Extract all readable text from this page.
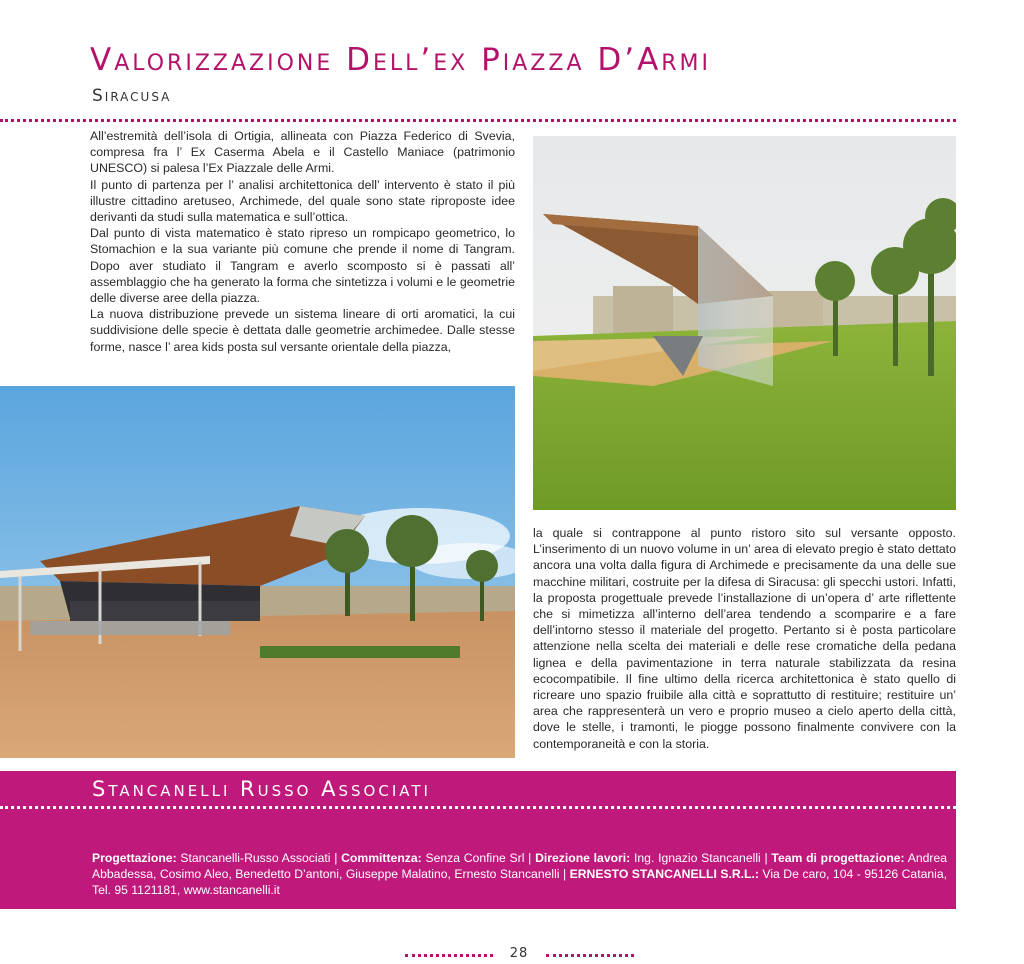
Valorizzazione Dell’ex Piazza D’Armi
Siracusa

All’estremità dell’isola di Ortigia, allineata con Piazza Federico di Svevia, compresa fra l’ Ex Caserma Abela e il Castello Maniace (patrimonio UNESCO) si palesa l’Ex Piazzale delle Armi.

Il punto di partenza per l’ analisi architettonica dell’ intervento è stato il più illustre cittadino aretuseo, Archimede, del quale sono state riproposte idee derivanti da studi sulla matematica e sull’ottica.

Dal punto di vista matematico è stato ripreso un rompicapo geometrico, lo Stomachion e la sua variante più comune che prende il nome di Tangram. Dopo aver studiato il Tangram e averlo scomposto si è passati all’ assemblaggio che ha generato la forma che sintetizza i volumi e le geometrie delle diverse aree della piazza.

La nuova distribuzione prevede un sistema lineare di orti aromatici, la cui suddivisione delle specie è dettata dalle geometrie archimedee. Dalle stesse forme, nasce l’ area kids posta sul versante orientale della piazza,

la quale si contrappone al punto ristoro sito sul versante opposto. L’inserimento di un nuovo volume in un’ area di elevato pregio è stato dettato ancora una volta dalla figura di Archimede e precisamente da una delle sue macchine militari, costruite per la difesa di Siracusa: gli specchi ustori. Infatti, la proposta progettuale prevede l’installazione di un’opera d’ arte riflettente che si mimetizza all’interno dell’area tendendo a scomparire e a fare dell’intorno stesso il materiale del progetto. Pertanto si è posta particolare attenzione nella scelta dei materiali e delle rese cromatiche della pedana lignea e della pavimentazione in terra naturale stabilizzata da resina ecocompatibile. Il fine ultimo della ricerca architettonica è stato quello di ricreare uno spazio fruibile alla città e soprattutto di restituire; restituire un’ area che rappresenterà un vero e proprio museo a cielo aperto della città, dove le stelle, i tramonti, le piogge possono finalmente convivere con la contemporaneità e con la storia.

Stancanelli Russo Associati
Progettazione: Stancanelli-Russo Associati | Committenza: Senza Confine Srl | Direzione lavori: Ing. Ignazio Stancanelli | Team di progettazione: Andrea Abbadessa, Cosimo Aleo, Benedetto D’antoni, Giuseppe Malatino, Ernesto Stancanelli | ERNESTO STANCANELLI S.R.L.: Via De caro, 104 - 95126 Catania, Tel. 95 1121181, www.stancanelli.it
28
